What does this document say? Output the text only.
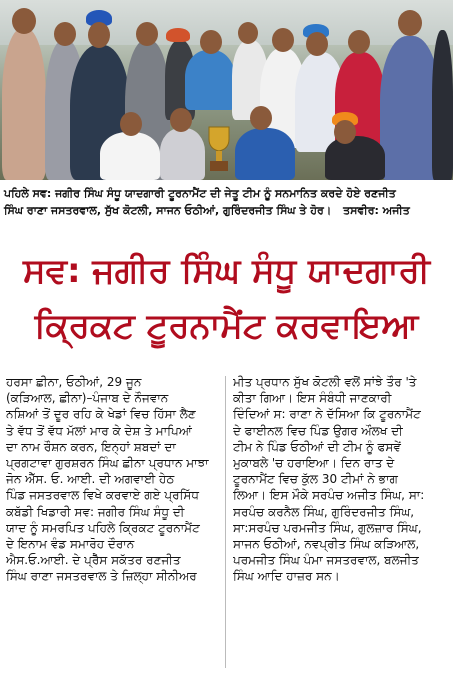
ਪਹਿਲੇ ਸਵ: ਜਗੀਰ ਸਿੰਘ ਸੰਧੂ ਯਾਦਗਾਰੀ ਟੂਰਨਾਮੈਂਟ ਦੀ ਜੇਤੂ ਟੀਮ ਨੂੰ ਸਨਮਾਨਿਤ ਕਰਦੇ ਹੋਏ ਰਣਜੀਤ
ਸਿੰਘ ਰਾਣਾ ਜਸਤਰਵਾਲ, ਸੁੱਖ ਕੋਟਲੀ, ਸਾਜਨ ਓਠੀਆਂ, ਗੁਰਿੰਦਰਜੀਤ ਸਿੰਘ ਤੇ ਹੋਰ। ਤਸਵੀਰ: ਅਜੀਤ
ਸਵ: ਜਗੀਰ ਸਿੰਘ ਸੰਧੂ ਯਾਦਗਾਰੀ
ਕ੍ਰਿਕਟ ਟੂਰਨਾਮੈਂਟ ਕਰਵਾਇਆ
ਹਰਸਾ ਛੀਨਾ, ਓਠੀਆਂ, 29 ਜੂਨ
(ਕੜਿਆਲ, ਛੀਨਾ)–ਪੰਜਾਬ ਦੇ ਨੌਜਵਾਨ
ਨਸ਼ਿਆਂ ਤੋਂ ਦੂਰ ਰਹਿ ਕੇ ਖੇਡਾਂ ਵਿਚ ਹਿੱਸਾ ਲੈਣ
ਤੇ ਵੱਧ ਤੋਂ ਵੱਧ ਮੱਲਾਂ ਮਾਰ ਕੇ ਦੇਸ਼ ਤੇ ਮਾਪਿਆਂ
ਦਾ ਨਾਮ ਰੌਸ਼ਨ ਕਰਨ, ਇਨ੍ਹਾਂ ਸ਼ਬਦਾਂ ਦਾ
ਪ੍ਰਗਟਾਵਾ ਗੁਰਸ਼ਰਨ ਸਿੰਘ ਛੀਨਾ ਪ੍ਰਧਾਨ ਮਾਝਾ
ਜੋਨ ਐੱਸ. ਓ. ਆਈ. ਦੀ ਅਗਵਾਈ ਹੇਠ
ਪਿੰਡ ਜਸਤਰਵਾਲ ਵਿਖੇ ਕਰਵਾਏ ਗਏ ਪ੍ਰਸਿੱਧ
ਕਬੱਡੀ ਖਿਡਾਰੀ ਸਵ: ਜਗੀਰ ਸਿੰਘ ਸੰਧੂ ਦੀ
ਯਾਦ ਨੂੰ ਸਮਰਪਿਤ ਪਹਿਲੇ ਕ੍ਰਿਕਟ ਟੂਰਨਾਮੈਂਟ
ਦੇ ਇਨਾਮ ਵੰਡ ਸਮਾਰੋਹ ਦੌਰਾਨ
ਐਸ.ਓ.ਆਈ. ਦੇ ਪ੍ਰੈੱਸ ਸਕੱਤਰ ਰਣਜੀਤ
ਸਿੰਘ ਰਾਣਾ ਜਸਤਰਵਾਲ ਤੇ ਜ਼ਿਲ੍ਹਾ ਸੀਨੀਅਰ
ਮੀਤ ਪ੍ਰਧਾਨ ਸੁੱਖ ਕੋਟਲੀ ਵਲੋਂ ਸਾਂਝੇ ਤੌਰ 'ਤੇ
ਕੀਤਾ ਗਿਆ। ਇਸ ਸੰਬੰਧੀ ਜਾਣਕਾਰੀ
ਦਿੰਦਿਆਂ ਸ: ਰਾਣਾ ਨੇ ਦੱਸਿਆ ਕਿ ਟੂਰਨਾਮੈਂਟ
ਦੇ ਫਾਈਨਲ ਵਿਚ ਪਿੰਡ ਉਗਰ ਔਲਖ ਦੀ
ਟੀਮ ਨੇ ਪਿੰਡ ਓਠੀਆਂ ਦੀ ਟੀਮ ਨੂੰ ਫਸਵੇਂ
ਮੁਕਾਬਲੇ 'ਚ ਹਰਾਇਆ। ਦਿਨ ਰਾਤ ਦੇ
ਟੂਰਨਾਮੈਂਟ ਵਿਚ ਕੁੱਲ 30 ਟੀਮਾਂ ਨੇ ਭਾਗ
ਲਿਆ। ਇਸ ਮੌਕੇ ਸਰਪੰਚ ਅਜੀਤ ਸਿੰਘ, ਸਾ:
ਸਰਪੰਚ ਕਰਨੈਲ ਸਿੰਘ, ਗੁਰਿੰਦਰਜੀਤ ਸਿੰਘ,
ਸਾ:ਸਰਪੰਚ ਪਰਮਜੀਤ ਸਿੰਘ, ਗੁਲਜ਼ਾਰ ਸਿੰਘ,
ਸਾਜਨ ਓਠੀਆਂ, ਨਵਪ੍ਰੀਤ ਸਿੰਘ ਕੜਿਆਲ,
ਪਰਮਜੀਤ ਸਿੰਘ ਪੰਮਾ ਜਸਤਰਵਾਲ, ਬਲਜੀਤ
ਸਿੰਘ ਆਦਿ ਹਾਜ਼ਰ ਸਨ।
